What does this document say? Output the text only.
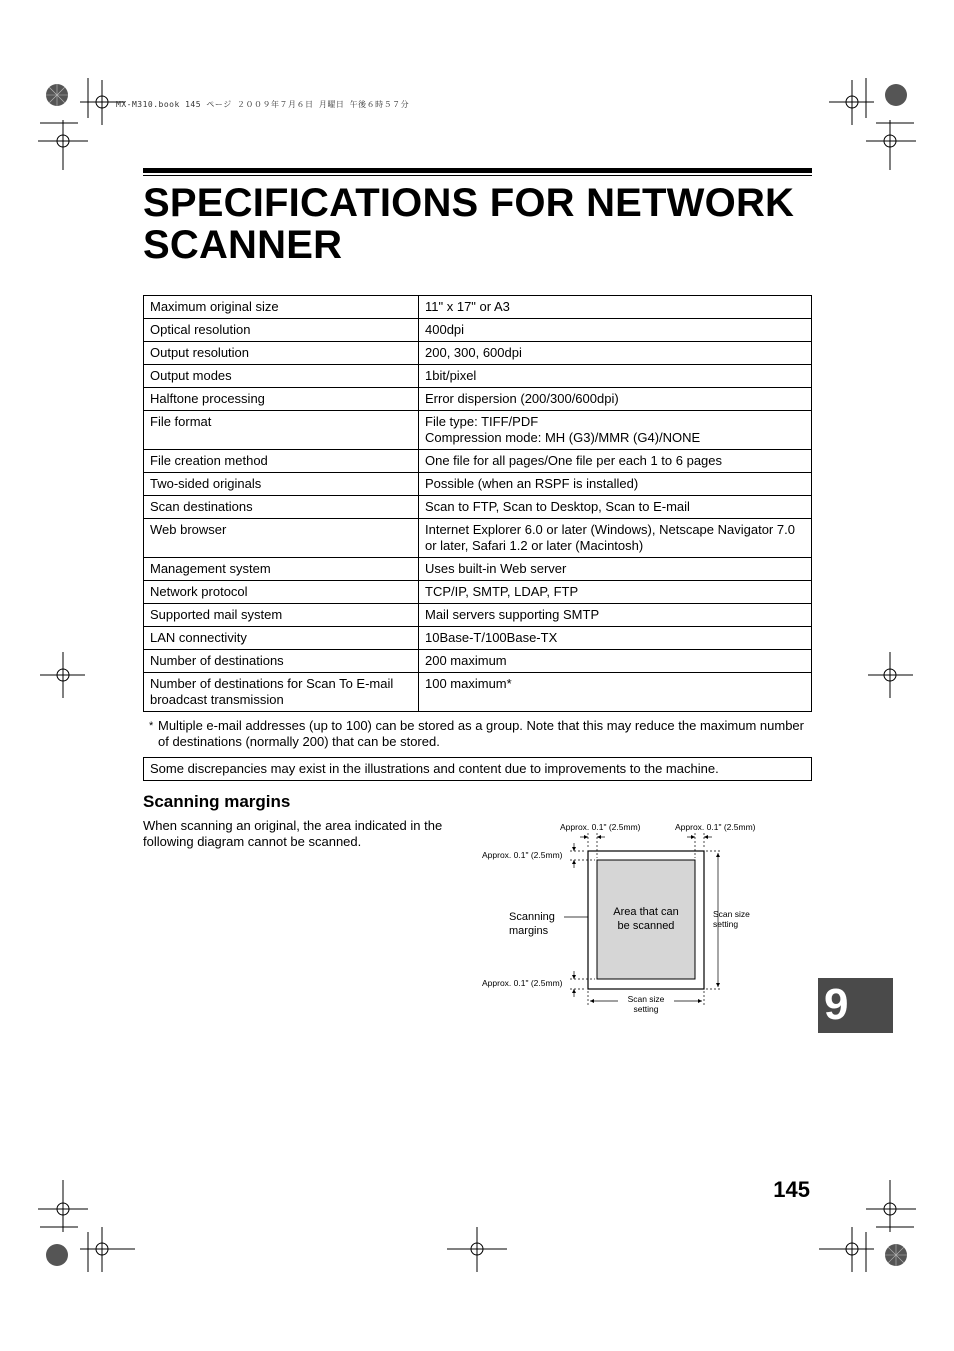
MX-M310.book 145 ページ ２００９年７月６日 月曜日 午後６時５７分
SPECIFICATIONS FOR NETWORK
SCANNER
Maximum original size	11" x 17" or A3
Optical resolution	400dpi
Output resolution	200, 300, 600dpi
Output modes	1bit/pixel
Halftone processing	Error dispersion (200/300/600dpi)
File format	File type: TIFF/PDF
Compression mode: MH (G3)/MMR (G4)/NONE
File creation method	One file for all pages/One file per each 1 to 6 pages
Two-sided originals	Possible (when an RSPF is installed)
Scan destinations	Scan to FTP, Scan to Desktop, Scan to E-mail
Web browser	Internet Explorer 6.0 or later (Windows), Netscape Navigator 7.0 or later, Safari 1.2 or later (Macintosh)
Management system	Uses built-in Web server
Network protocol	TCP/IP, SMTP, LDAP, FTP
Supported mail system	Mail servers supporting SMTP
LAN connectivity	10Base-T/100Base-TX
Number of destinations	200 maximum
Number of destinations for Scan To E-mail broadcast transmission	100 maximum*
* Multiple e-mail addresses (up to 100) can be stored as a group. Note that this may reduce the maximum number of destinations (normally 200) that can be stored.
Some discrepancies may exist in the illustrations and content due to improvements to the machine.
Scanning margins
When scanning an original, the area indicated in the following diagram cannot be scanned.
Approx. 0.1" (2.5mm)	Approx. 0.1" (2.5mm)
Approx. 0.1" (2.5mm)
Approx. 0.1" (2.5mm)
Area that can
be scanned
Scanning
margins
Scan size
setting
Scan size
setting	9
145
